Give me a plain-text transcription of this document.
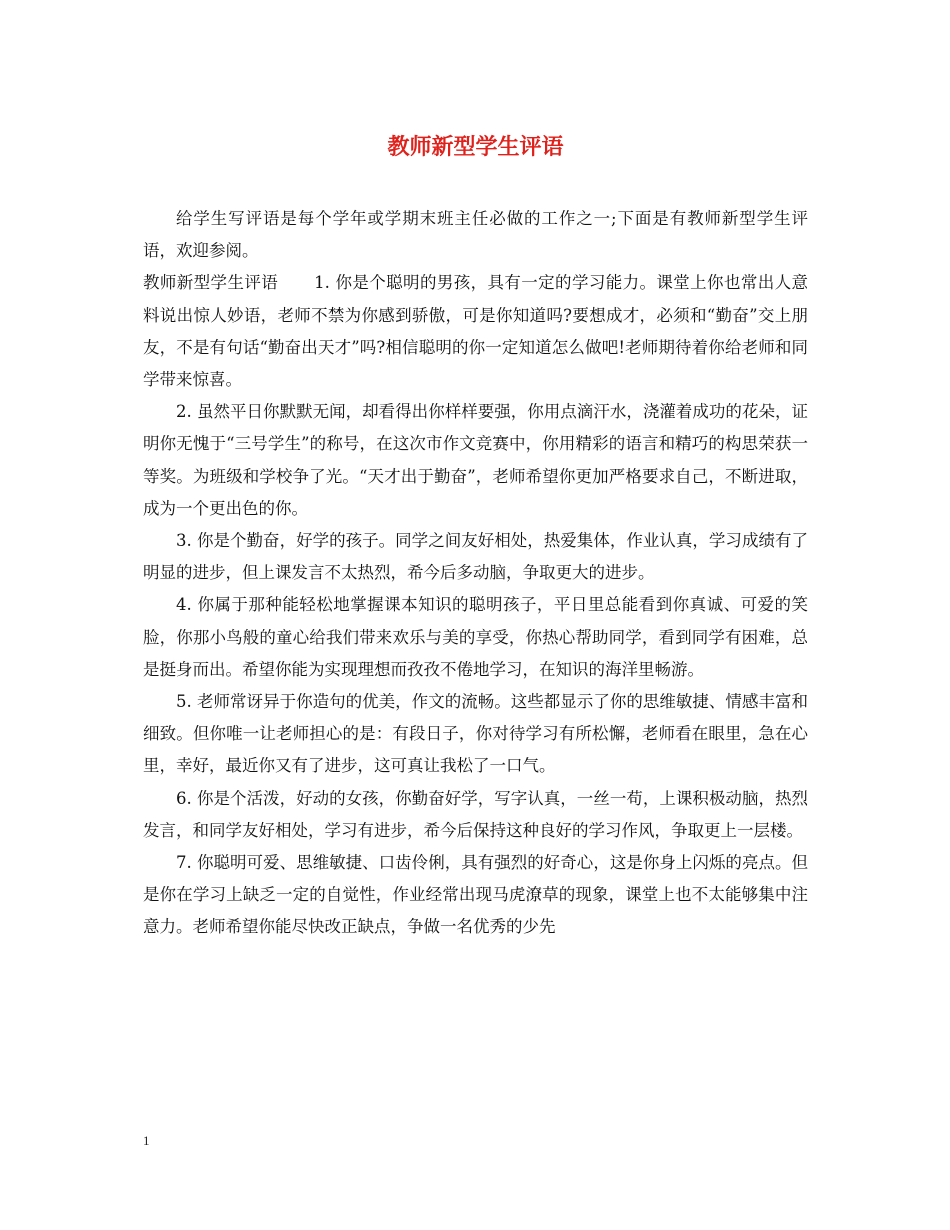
教师新型学生评语

给学生写评语是每个学年或学期末班主任必做的工作之一;下面是有教师新型学生评语，欢迎参阅。

教师新型学生评语 1. 你是个聪明的男孩，具有一定的学习能力。课堂上你也常出人意料说出惊人妙语，老师不禁为你感到骄傲，可是你知道吗?要想成才，必须和“勤奋”交上朋友，不是有句话“勤奋出天才”吗?相信聪明的你一定知道怎么做吧!老师期待着你给老师和同学带来惊喜。

2. 虽然平日你默默无闻，却看得出你样样要强，你用点滴汗水，浇灌着成功的花朵，证明你无愧于“三号学生”的称号，在这次市作文竞赛中，你用精彩的语言和精巧的构思荣获一等奖。为班级和学校争了光。“天才出于勤奋”，老师希望你更加严格要求自己，不断进取，成为一个更出色的你。

3. 你是个勤奋，好学的孩子。同学之间友好相处，热爱集体，作业认真，学习成绩有了明显的进步，但上课发言不太热烈，希今后多动脑，争取更大的进步。

4. 你属于那种能轻松地掌握课本知识的聪明孩子，平日里总能看到你真诚、可爱的笑脸，你那小鸟般的童心给我们带来欢乐与美的享受，你热心帮助同学，看到同学有困难，总是挺身而出。希望你能为实现理想而孜孜不倦地学习，在知识的海洋里畅游。

5. 老师常讶异于你造句的优美，作文的流畅。这些都显示了你的思维敏捷、情感丰富和细致。但你唯一让老师担心的是：有段日子，你对待学习有所松懈，老师看在眼里，急在心里，幸好，最近你又有了进步，这可真让我松了一口气。

6. 你是个活泼，好动的女孩，你勤奋好学，写字认真，一丝一苟，上课积极动脑，热烈发言，和同学友好相处，学习有进步，希今后保持这种良好的学习作风，争取更上一层楼。

7. 你聪明可爱、思维敏捷、口齿伶俐，具有强烈的好奇心，这是你身上闪烁的亮点。但是你在学习上缺乏一定的自觉性，作业经常出现马虎潦草的现象，课堂上也不太能够集中注意力。老师希望你能尽快改正缺点，争做一名优秀的少先

1
